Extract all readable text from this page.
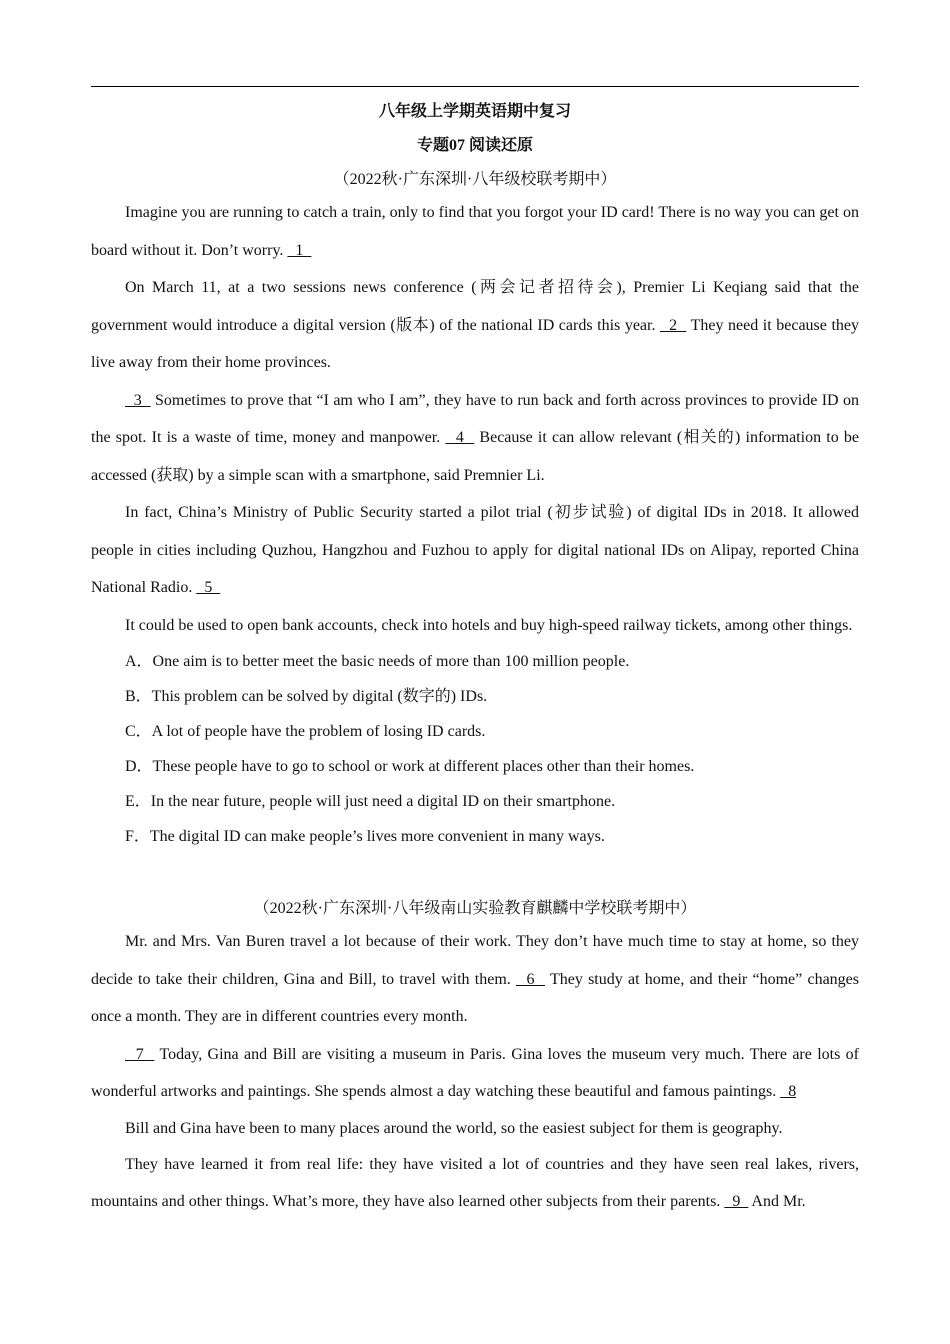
八年级上学期英语期中复习
专题07 阅读还原
（2022秋·广东深圳·八年级校联考期中）

Imagine you are running to catch a train, only to find that you forgot your ID card! There is no way you can get on board without it. Don’t worry.   1

On March 11, at a two sessions news conference (两会记者招待会), Premier Li Keqiang said that the government would introduce a digital version (版本) of the national ID cards this year.   2   They need it because they live away from their home provinces.

3   Sometimes to prove that “I am who I am”, they have to run back and forth across provinces to provide ID on the spot. It is a waste of time, money and manpower.   4   Because it can allow relevant (相关的) information to be accessed (获取) by a simple scan with a smartphone, said Premnier Li.

In fact, China’s Ministry of Public Security started a pilot trial (初步试验) of digital IDs in 2018. It allowed people in cities including Quzhou, Hangzhou and Fuzhou to apply for digital national IDs on Alipay, reported China National Radio.   5

It could be used to open bank accounts, check into hotels and buy high-speed railway tickets, among other things.

A．One aim is to better meet the basic needs of more than 100 million people.
B．This problem can be solved by digital (数字的) IDs.
C．A lot of people have the problem of losing ID cards.
D．These people have to go to school or work at different places other than their homes.
E．In the near future, people will just need a digital ID on their smartphone.
F．The digital ID can make people’s lives more convenient in many ways.
（2022秋·广东深圳·八年级南山实验教育麒麟中学校联考期中）

Mr. and Mrs. Van Buren travel a lot because of their work. They don’t have much time to stay at home, so they decide to take their children, Gina and Bill, to travel with them.   6   They study at home, and their “home” changes once a month. They are in different countries every month.

7   Today, Gina and Bill are visiting a museum in Paris. Gina loves the museum very much. There are lots of wonderful artworks and paintings. She spends almost a day watching these beautiful and famous paintings.   8

Bill and Gina have been to many places around the world, so the easiest subject for them is geography.

They have learned it from real life: they have visited a lot of countries and they have seen real lakes, rivers, mountains and other things. What’s more, they have also learned other subjects from their parents.   9   And Mr.
